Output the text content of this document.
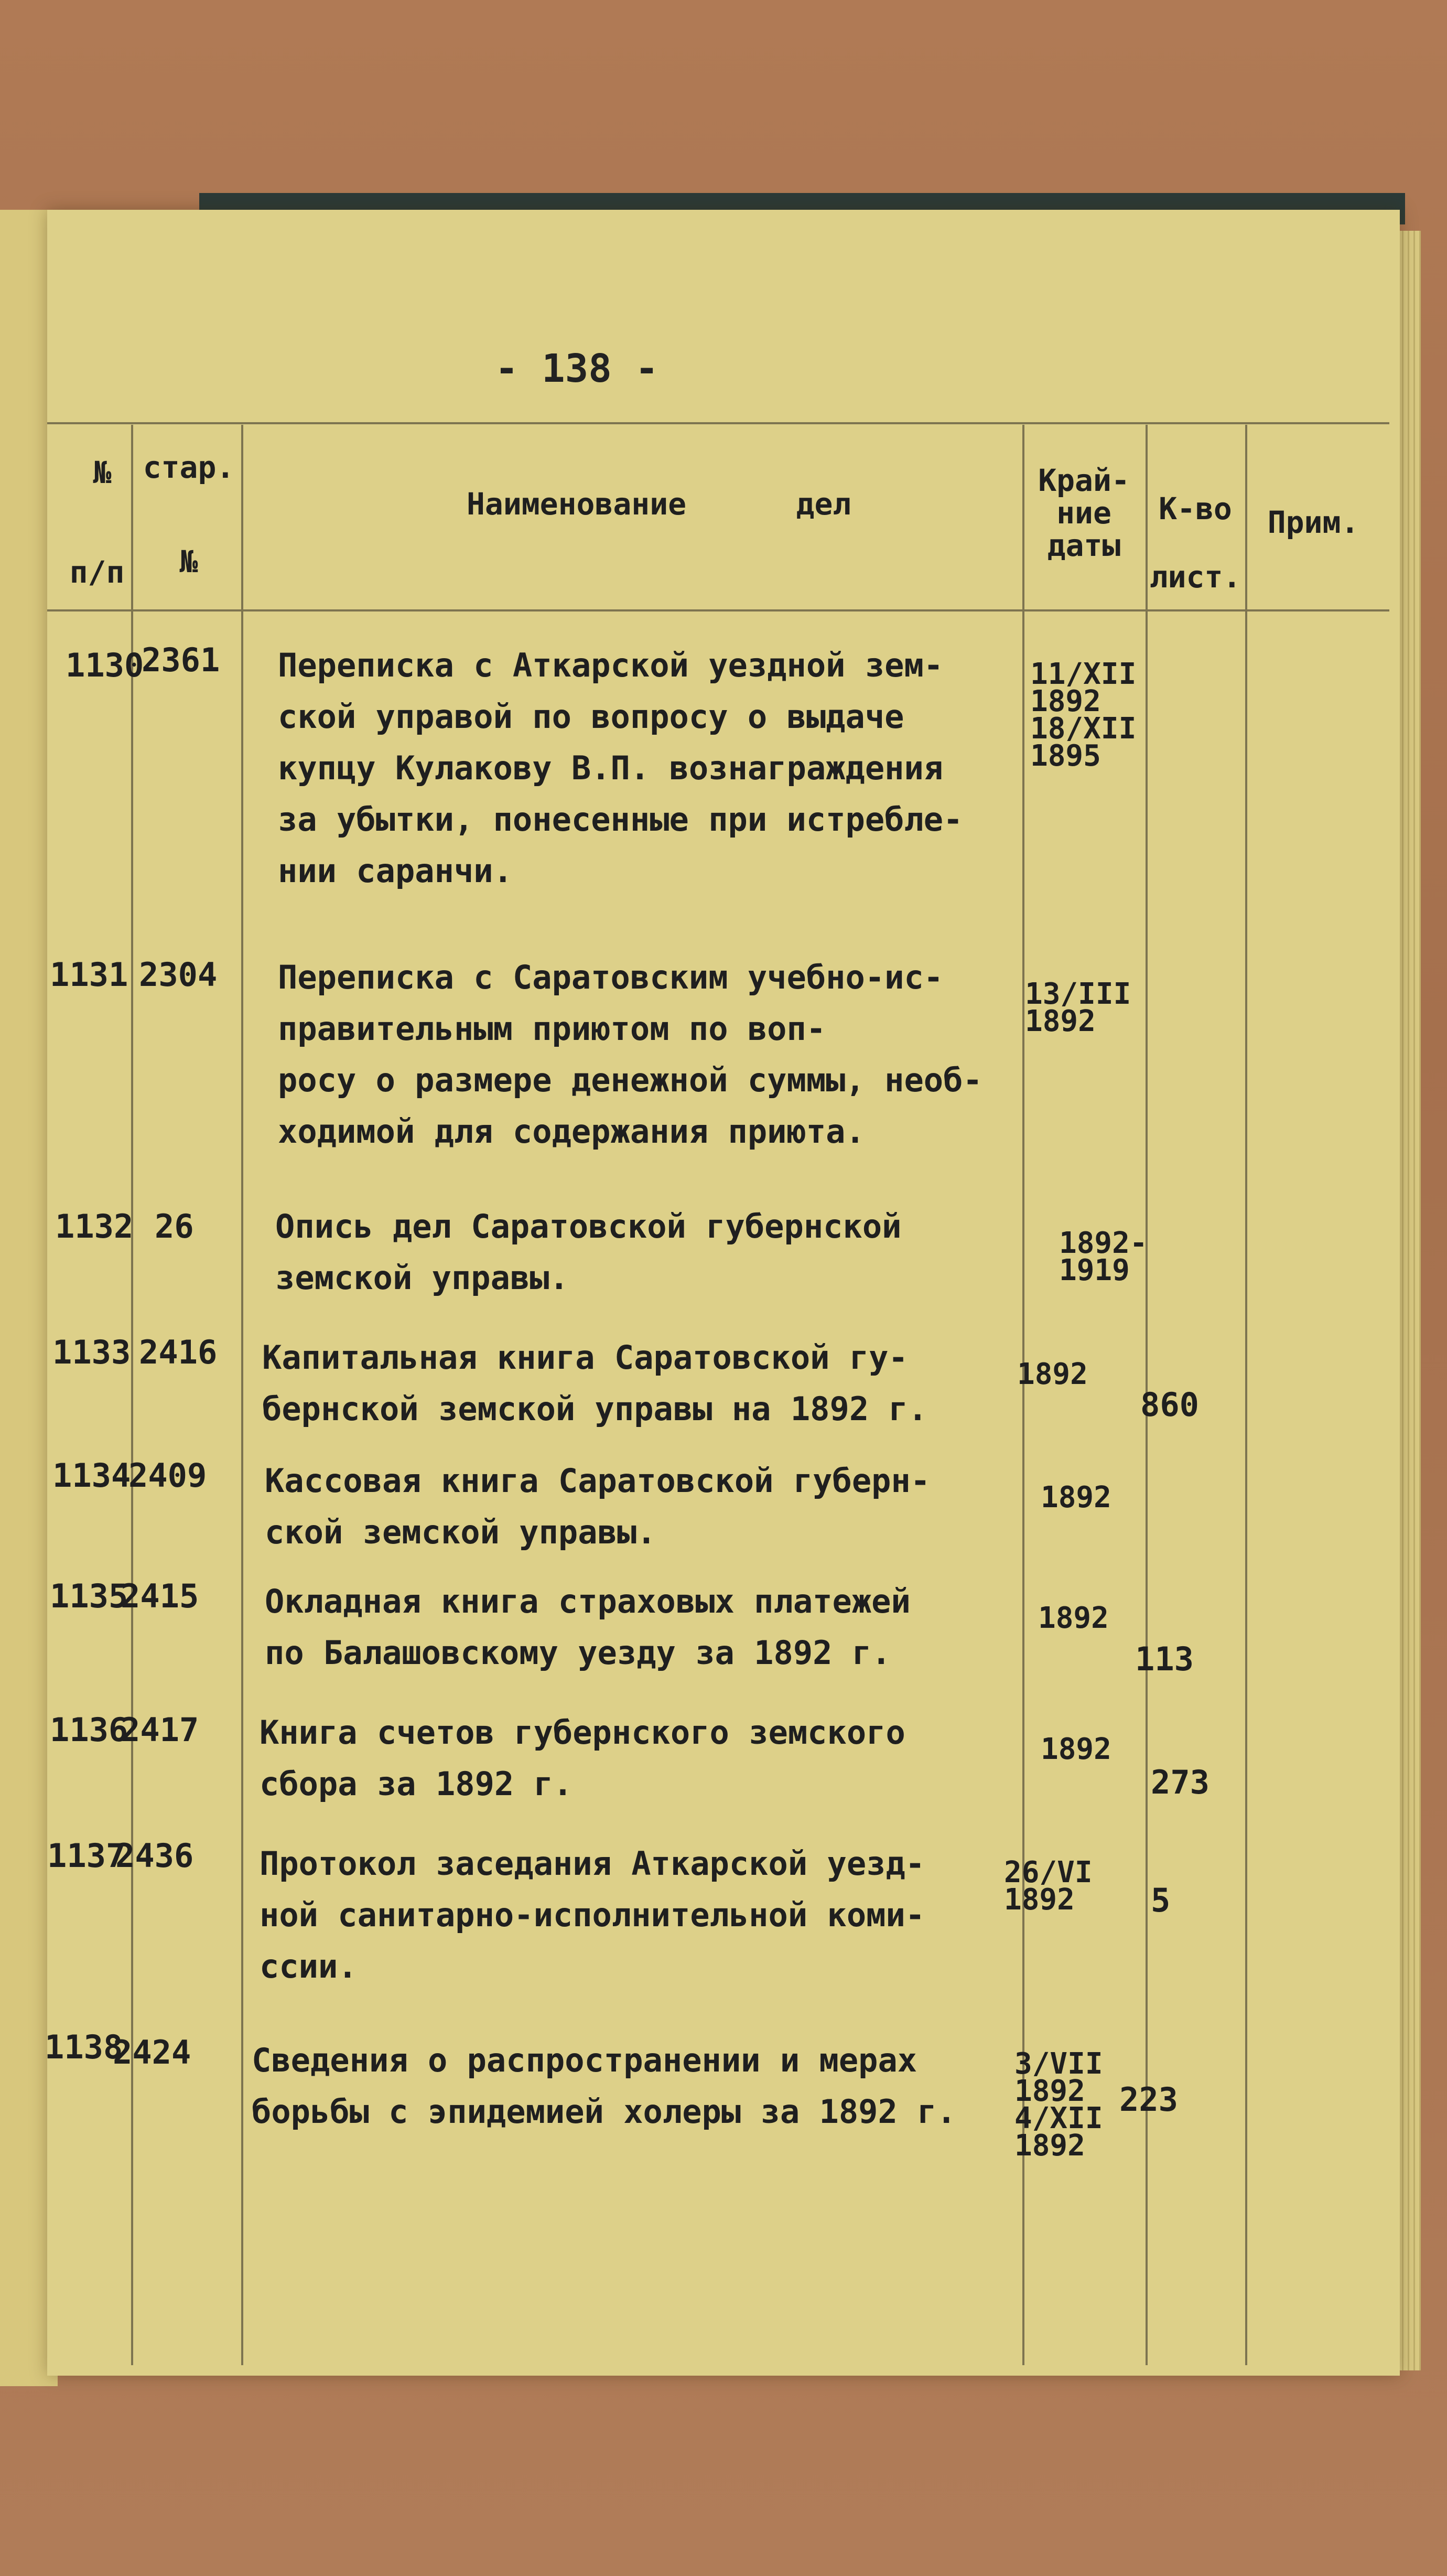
- 138 -
№
п/п
стар.
№
Наименование      дел
Край-
ние
даты
К-во
лист.
Прим.
1130
2361 Переписка с Аткарской уездной зем-
ской управой по вопросу о выдаче
купцу Кулакову В.П. вознаграждения
за убытки, понесенные при истребле-
нии саранчи.
11/XII
1892
18/XII
1895
1131 2304 Переписка с Саратовским учебно-ис-
правительным приютом по воп-
росу о размере денежной суммы, необ-
ходимой для содержания приюта.
13/III
1892
1132 26	Опись дел Саратовской губернской
земской управы.
1892-
1919
1133 2416 Капитальная книга Саратовской гу-
бернской земской управы на 1892 г.
1892
860
1134
2409 Кассовая книга Саратовской губерн-
ской земской управы.
1892
1135
2415 Окладная книга страховых платежей
по Балашовскому уезду за 1892 г.
1892
113
1136
2417 Книга счетов губернского земского
сбора за 1892 г.
1892
273
1137
2436 Протокол заседания Аткарской уезд-
ной санитарно-исполнительной коми-
ссии.
26/VI
1892	5
1138
2424 Сведения о распространении и мерах
борьбы с эпидемией холеры за 1892 г.
3/VII
1892
4/XII
1892
223
